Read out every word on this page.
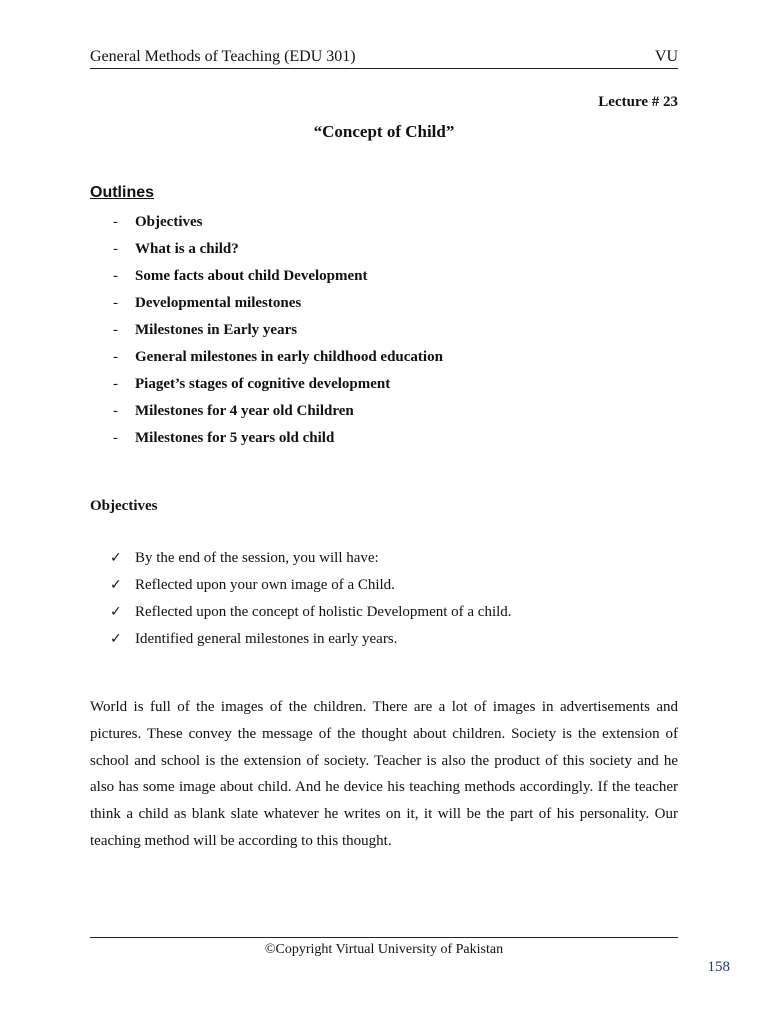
General Methods of Teaching (EDU 301)	VU
Lecture # 23
“Concept of Child”
Outlines
-	Objectives
-	What is a child?
-	Some facts about child Development
-	Developmental milestones
-	Milestones in Early years
-	General milestones in early childhood education
-	Piaget’s stages of cognitive development
-	Milestones for 4 year old Children
-	Milestones for 5 years old child
Objectives
✓ By the end of the session, you will have:
✓ Reflected upon your own image of a Child.
✓ Reflected upon the concept of holistic Development of a child.
✓ Identified general milestones in early years.

World is full of the images of the children. There are a lot of images in advertisements and pictures. These convey the message of the thought about children. Society is the extension of school and school is the extension of society. Teacher is also the product of this society and he also has some image about child. And he device his teaching methods accordingly. If the teacher think a child as blank slate whatever he writes on it, it will be the part of his personality. Our teaching method will be according to this thought.

©Copyright Virtual University of Pakistan
158
